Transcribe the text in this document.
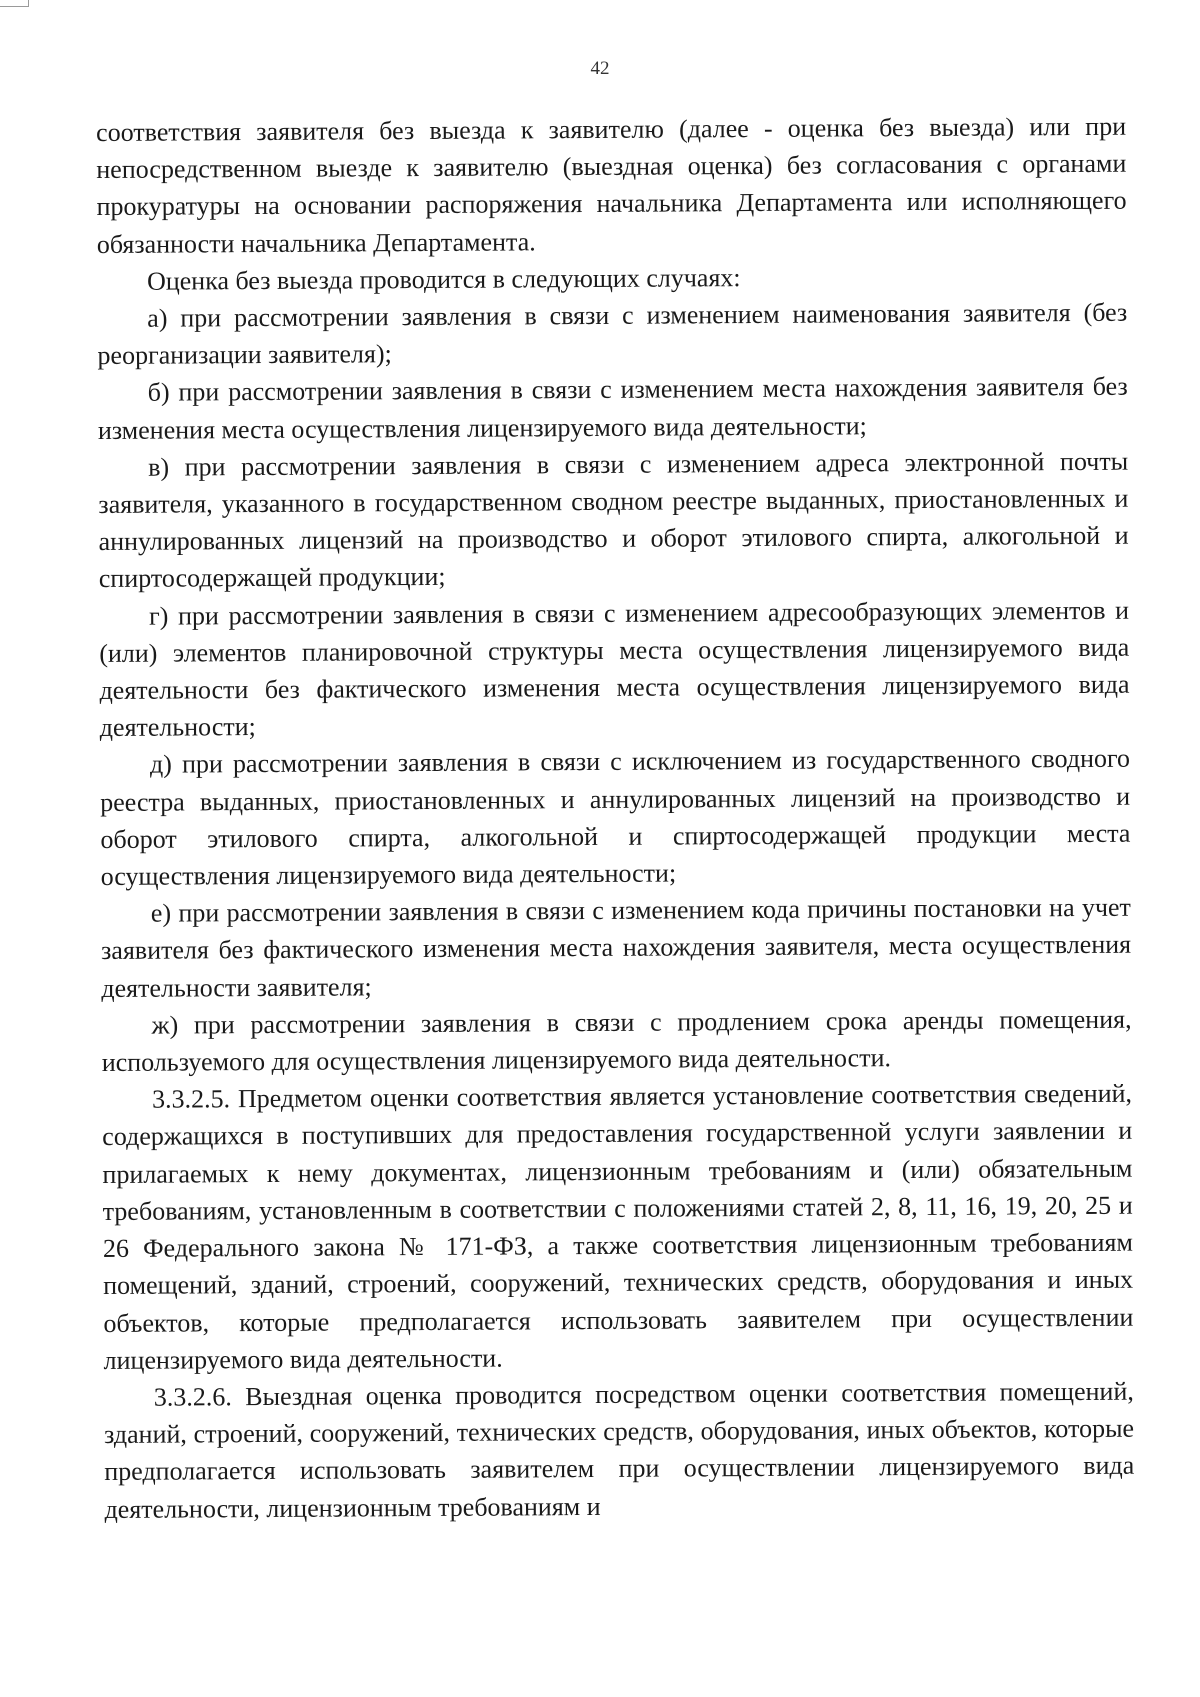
42

соответствия заявителя без выезда к заявителю (далее - оценка без выезда) или при непосредственном выезде к заявителю (выездная оценка) без согласования с органами прокуратуры на основании распоряжения начальника Департамента или исполняющего обязанности начальника Департамента.

Оценка без выезда проводится в следующих случаях:

а) при рассмотрении заявления в связи с изменением наименования заявителя (без реорганизации заявителя);

б) при рассмотрении заявления в связи с изменением места нахождения заявителя без изменения места осуществления лицензируемого вида деятельности;

в) при рассмотрении заявления в связи с изменением адреса электронной почты заявителя, указанного в государственном сводном реестре выданных, приостановленных и аннулированных лицензий на производство и оборот этилового спирта, алкогольной и спиртосодержащей продукции;

г) при рассмотрении заявления в связи с изменением адресообразующих элементов и (или) элементов планировочной структуры места осуществления лицензируемого вида деятельности без фактического изменения места осуществления лицензируемого вида деятельности;

д) при рассмотрении заявления в связи с исключением из государственного сводного реестра выданных, приостановленных и аннулированных лицензий на производство и оборот этилового спирта, алкогольной и спиртосодержащей продукции места осуществления лицензируемого вида деятельности;

е) при рассмотрении заявления в связи с изменением кода причины постановки на учет заявителя без фактического изменения места нахождения заявителя, места осуществления деятельности заявителя;

ж) при рассмотрении заявления в связи с продлением срока аренды помещения, используемого для осуществления лицензируемого вида деятельности.

3.3.2.5. Предметом оценки соответствия является установление соответствия сведений, содержащихся в поступивших для предоставления государственной услуги заявлении и прилагаемых к нему документах, лицензионным требованиям и (или) обязательным требованиям, установленным в соответствии с положениями статей 2, 8, 11, 16, 19, 20, 25 и 26 Федерального закона № 171-ФЗ, а также соответствия лицензионным требованиям помещений, зданий, строений, сооружений, технических средств, оборудования и иных объектов, которые предполагается использовать заявителем при осуществлении лицензируемого вида деятельности.

3.3.2.6. Выездная оценка проводится посредством оценки соответствия помещений, зданий, строений, сооружений, технических средств, оборудования, иных объектов, которые предполагается использовать заявителем при осуществлении лицензируемого вида деятельности, лицензионным требованиям и
